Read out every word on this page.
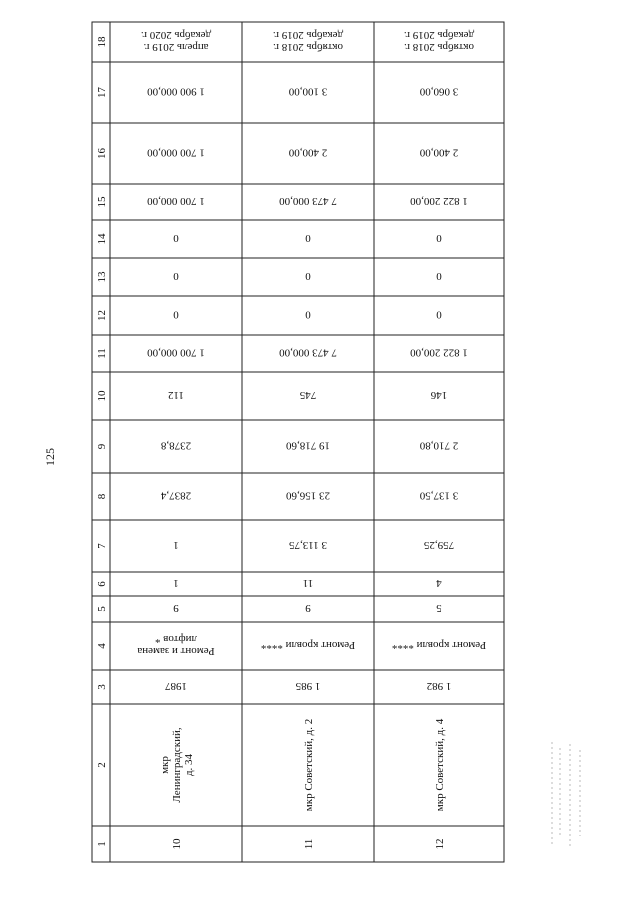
1
2
3
4
5
6
7
8
9
10
11
12
13
14
15
16
17
18
10
мкрЛенинградский,д. 34
1987
Ремонт и заменалифтов *
9
1
1
2837,4
2378,8
112
1 700 000,00
0
0
0
1 700 000,00
1 700 000,00
1 900 000,00
апрель 2019 г.декабрь 2020 г.
11
мкр Советский, д. 2
1 985
Ремонт кровли ****
9
11
3 113,75
23 156,60
19 718,60
745
7 473 000,00
0
0
0
7 473 000,00
2 400,00
3 100,00
октябрь 2018 г.декабрь 2019 г.
12
мкр Советский, д. 4
1 982
Ремонт кровли ****
5
4
759,25
3 137,50
2 710,80
146
1 822 200,00
0
0
0
1 822 200,00
2 400,00
3 060,00
октябрь 2018 г.декабрь 2019 г.
125
